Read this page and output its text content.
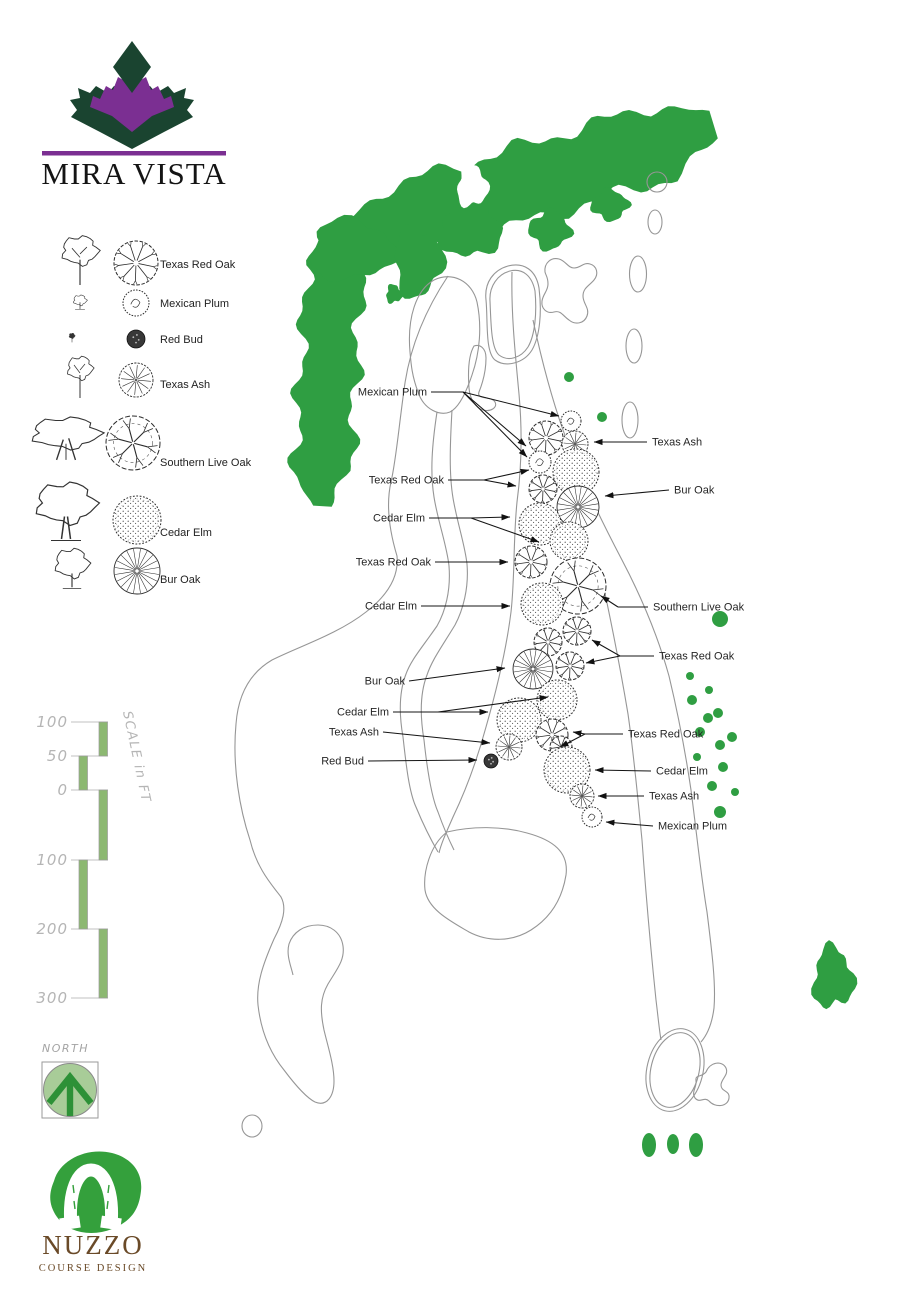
Mexican Plum
Texas Red Oak
Cedar Elm
Texas Red Oak
Cedar Elm
Bur Oak
Cedar Elm
Texas Ash
Red Bud
Texas Ash
Bur Oak
Southern Live Oak
Texas Red Oak
Texas Red Oak
Cedar Elm
Texas Ash
Mexican Plum
Texas Red Oak
Mexican Plum
Red Bud
Texas Ash
Southern Live Oak
Cedar Elm
Bur Oak
100
50
0
100
200
300
SCALE in FT
NORTH
MIRA VISTA
NUZZO
COURSE DESIGN
